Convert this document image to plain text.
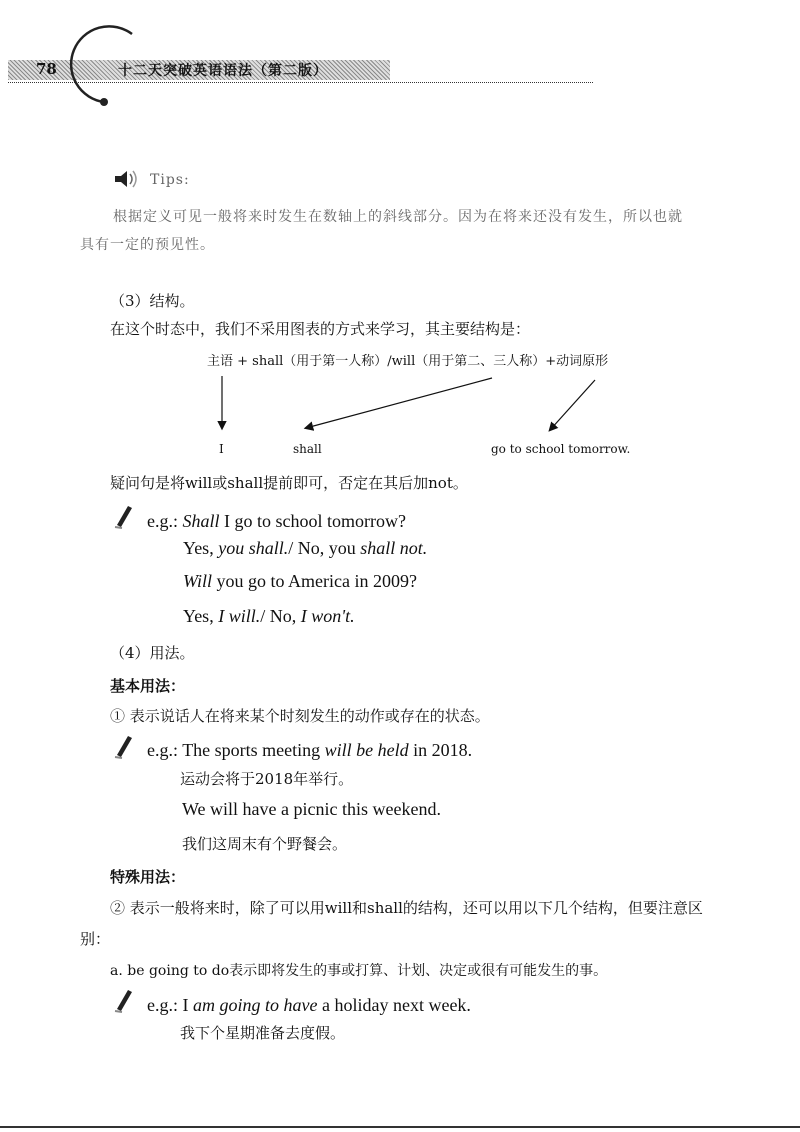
78	十二天突破英语语法（第二版）
Tips:
根据定义可见一般将来时发生在数轴上的斜线部分。因为在将来还没有发生，所以也就
具有一定的预见性。
（3）结构。
在这个时态中，我们不采用图表的方式来学习，其主要结构是：
主语 + shall（用于第一人称）/will（用于第二、三人称）+动词原形
I	shall	go to school tomorrow.
疑问句是将will或shall提前即可，否定在其后加not。
e.g.: Shall I go to school tomorrow?
Yes, you shall./ No, you shall not.
Will you go to America in 2009?
Yes, I will./ No, I won't.
（4）用法。
基本用法：
① 表示说话人在将来某个时刻发生的动作或存在的状态。
e.g.: The sports meeting will be held in 2018.
运动会将于2018年举行。
We will have a picnic this weekend.
我们这周末有个野餐会。
特殊用法：
② 表示一般将来时，除了可以用will和shall的结构，还可以用以下几个结构，但要注意区
别：
a. be going to do表示即将发生的事或打算、计划、决定或很有可能发生的事。
e.g.: I am going to have a holiday next week.
我下个星期准备去度假。
